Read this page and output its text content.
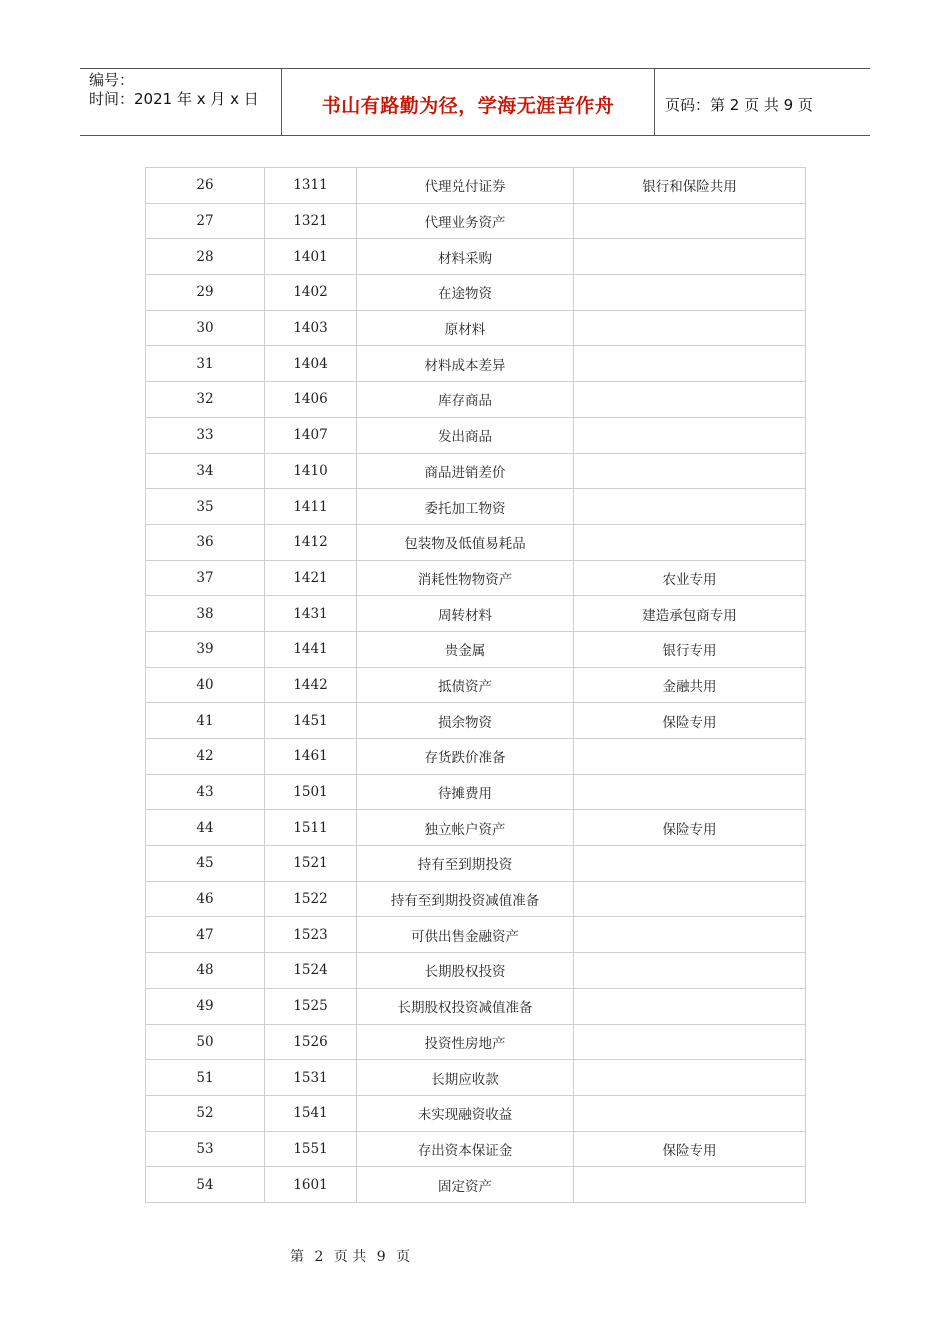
编号：
时间：2021 年 x 月 x 日	书山有路勤为径，学海无涯苦作舟	页码：第 2 页 共 9 页
26	1311	代理兑付证券	银行和保险共用
27	1321	代理业务资产	
28	1401	材料采购	
29	1402	在途物资	
30	1403	原材料	
31	1404	材料成本差异	
32	1406	库存商品	
33	1407	发出商品	
34	1410	商品进销差价	
35	1411	委托加工物资	
36	1412	包装物及低值易耗品	
37	1421	消耗性物物资产	农业专用
38	1431	周转材料	建造承包商专用
39	1441	贵金属	银行专用
40	1442	抵债资产	金融共用
41	1451	损余物资	保险专用
42	1461	存货跌价准备	
43	1501	待摊费用	
44	1511	独立帐户资产	保险专用
45	1521	持有至到期投资	
46	1522	持有至到期投资减值准备	
47	1523	可供出售金融资产	
48	1524	长期股权投资	
49	1525	长期股权投资减值准备	
50	1526	投资性房地产	
51	1531	长期应收款	
52	1541	未实现融资收益	
53	1551	存出资本保证金	保险专用
54	1601	固定资产	
第 2 页 共 9 页
